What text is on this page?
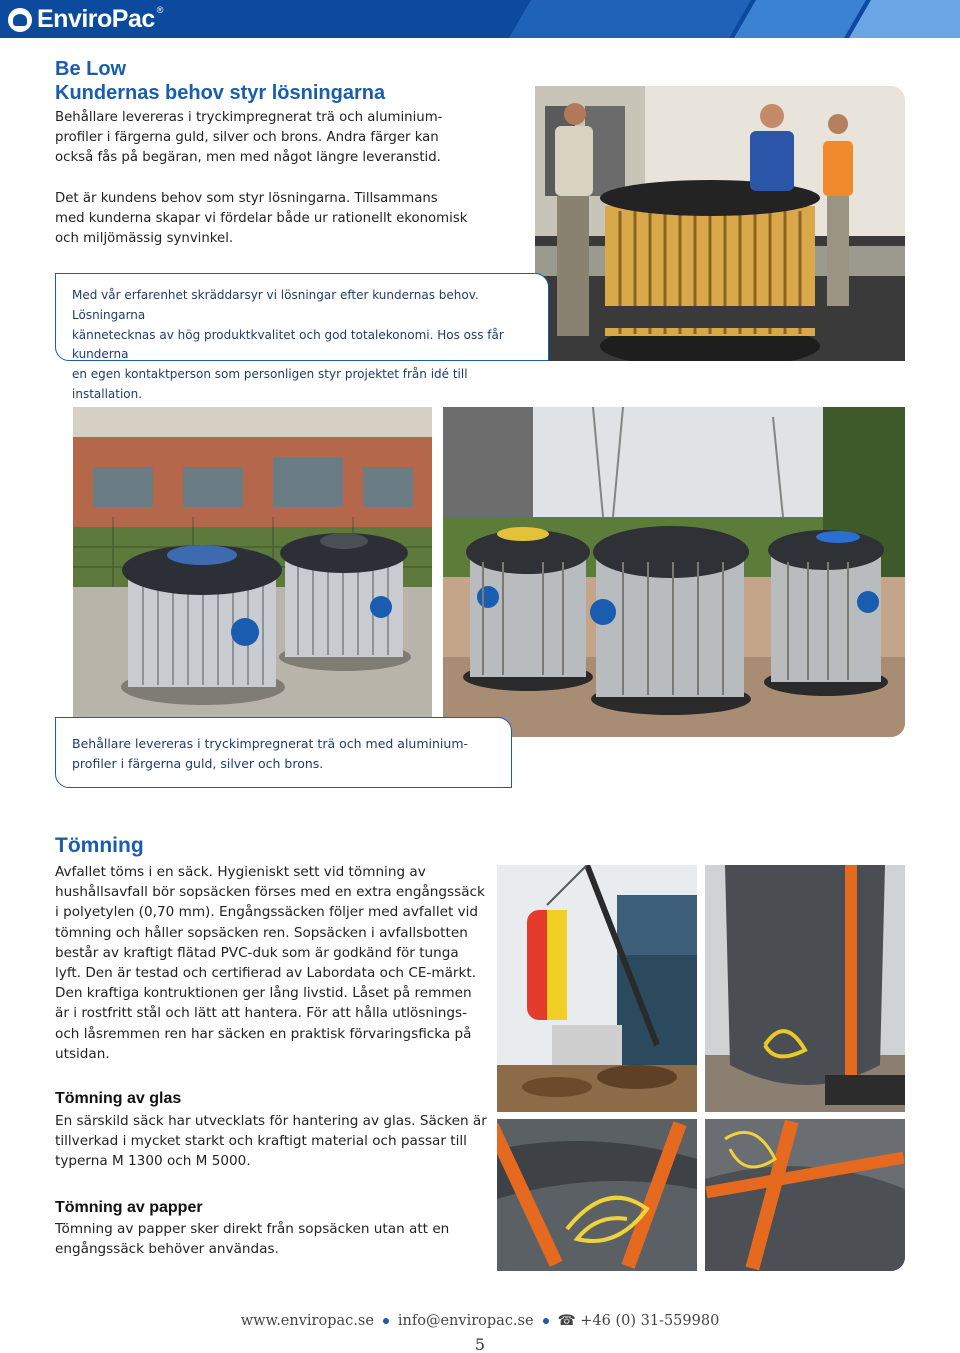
EnviroPac ®
Be Low
Kundernas behov styr lösningarna

Behållare levereras i tryckimpregnerat trä och aluminium-

profiler i färgerna guld, silver och brons. Andra färger kan

också fås på begäran, men med något längre leveranstid.

Det är kundens behov som styr lösningarna. Tillsammans

med kunderna skapar vi fördelar både ur rationellt ekonomisk

och miljömässig synvinkel.

Med vår erfarenhet skräddarsyr vi lösningar efter kundernas behov. Lösningarna

kännetecknas av hög produktkvalitet och god totalekonomi. Hos oss får kunderna

en egen kontaktperson som personligen styr projektet från idé till installation.

Behållare levereras i tryckimpregnerat trä och med aluminium-

profiler i färgerna guld, silver och brons.

Tömning

Avfallet töms i en säck. Hygieniskt sett vid tömning av

hushållsavfall bör sopsäcken förses med en extra engångssäck

i polyetylen (0,70 mm). Engångssäcken följer med avfallet vid

tömning och håller sopsäcken ren. Sopsäcken i avfallsbotten

består av kraftigt flätad PVC-duk som är godkänd för tunga

lyft. Den är testad och certifierad av Labordata och CE-märkt.

Den kraftiga kontruktionen ger lång livstid. Låset på remmen

är i rostfritt stål och lätt att hantera. För att hålla utlösnings-

och låsremmen ren har säcken en praktisk förvaringsficka på

utsidan.

Tömning av glas

En särskild säck har utvecklats för hantering av glas. Säcken är

tillverkad i mycket starkt och kraftigt material och passar till

typerna M 1300 och M 5000.

Tömning av papper

Tömning av papper sker direkt från sopsäcken utan att en

engångssäck behöver användas.

www.enviropac.se info@enviropac.se ☎ +46 (0) 31-559980
5
